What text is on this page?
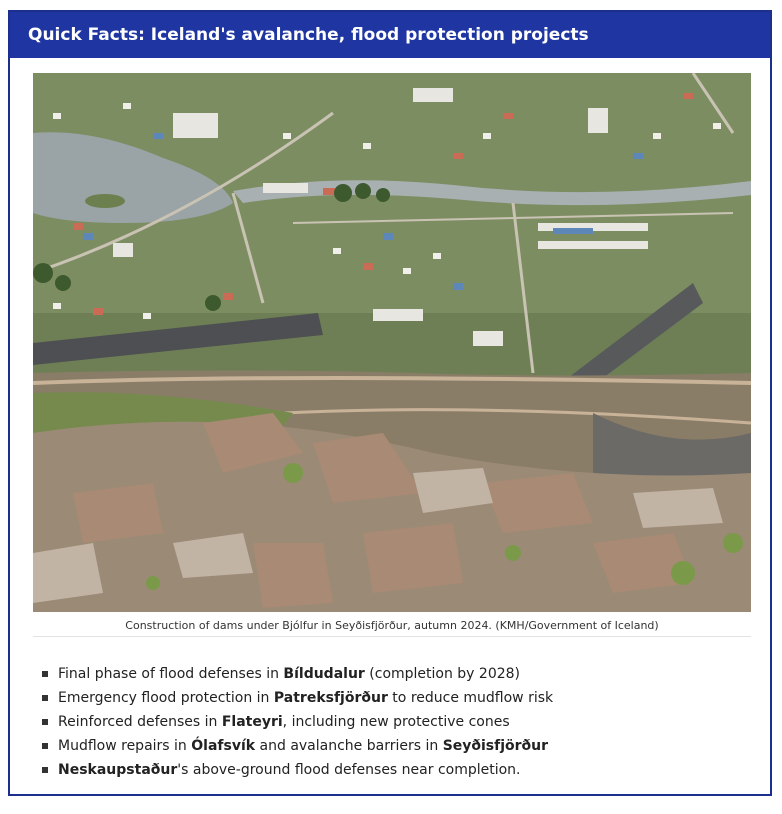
Quick Facts: Iceland's avalanche, flood protection projects
Construction of dams under Bjólfur in Seyðisfjörður, autumn 2024. (KMH/Government of Iceland)
Final phase of flood defenses in Bíldudalur (completion by 2028)
Emergency flood protection in Patreksfjörður to reduce mudflow risk
Reinforced defenses in Flateyri, including new protective cones
Mudflow repairs in Ólafsvík and avalanche barriers in Seyðisfjörður
Neskaupstaður's above-ground flood defenses near completion.
